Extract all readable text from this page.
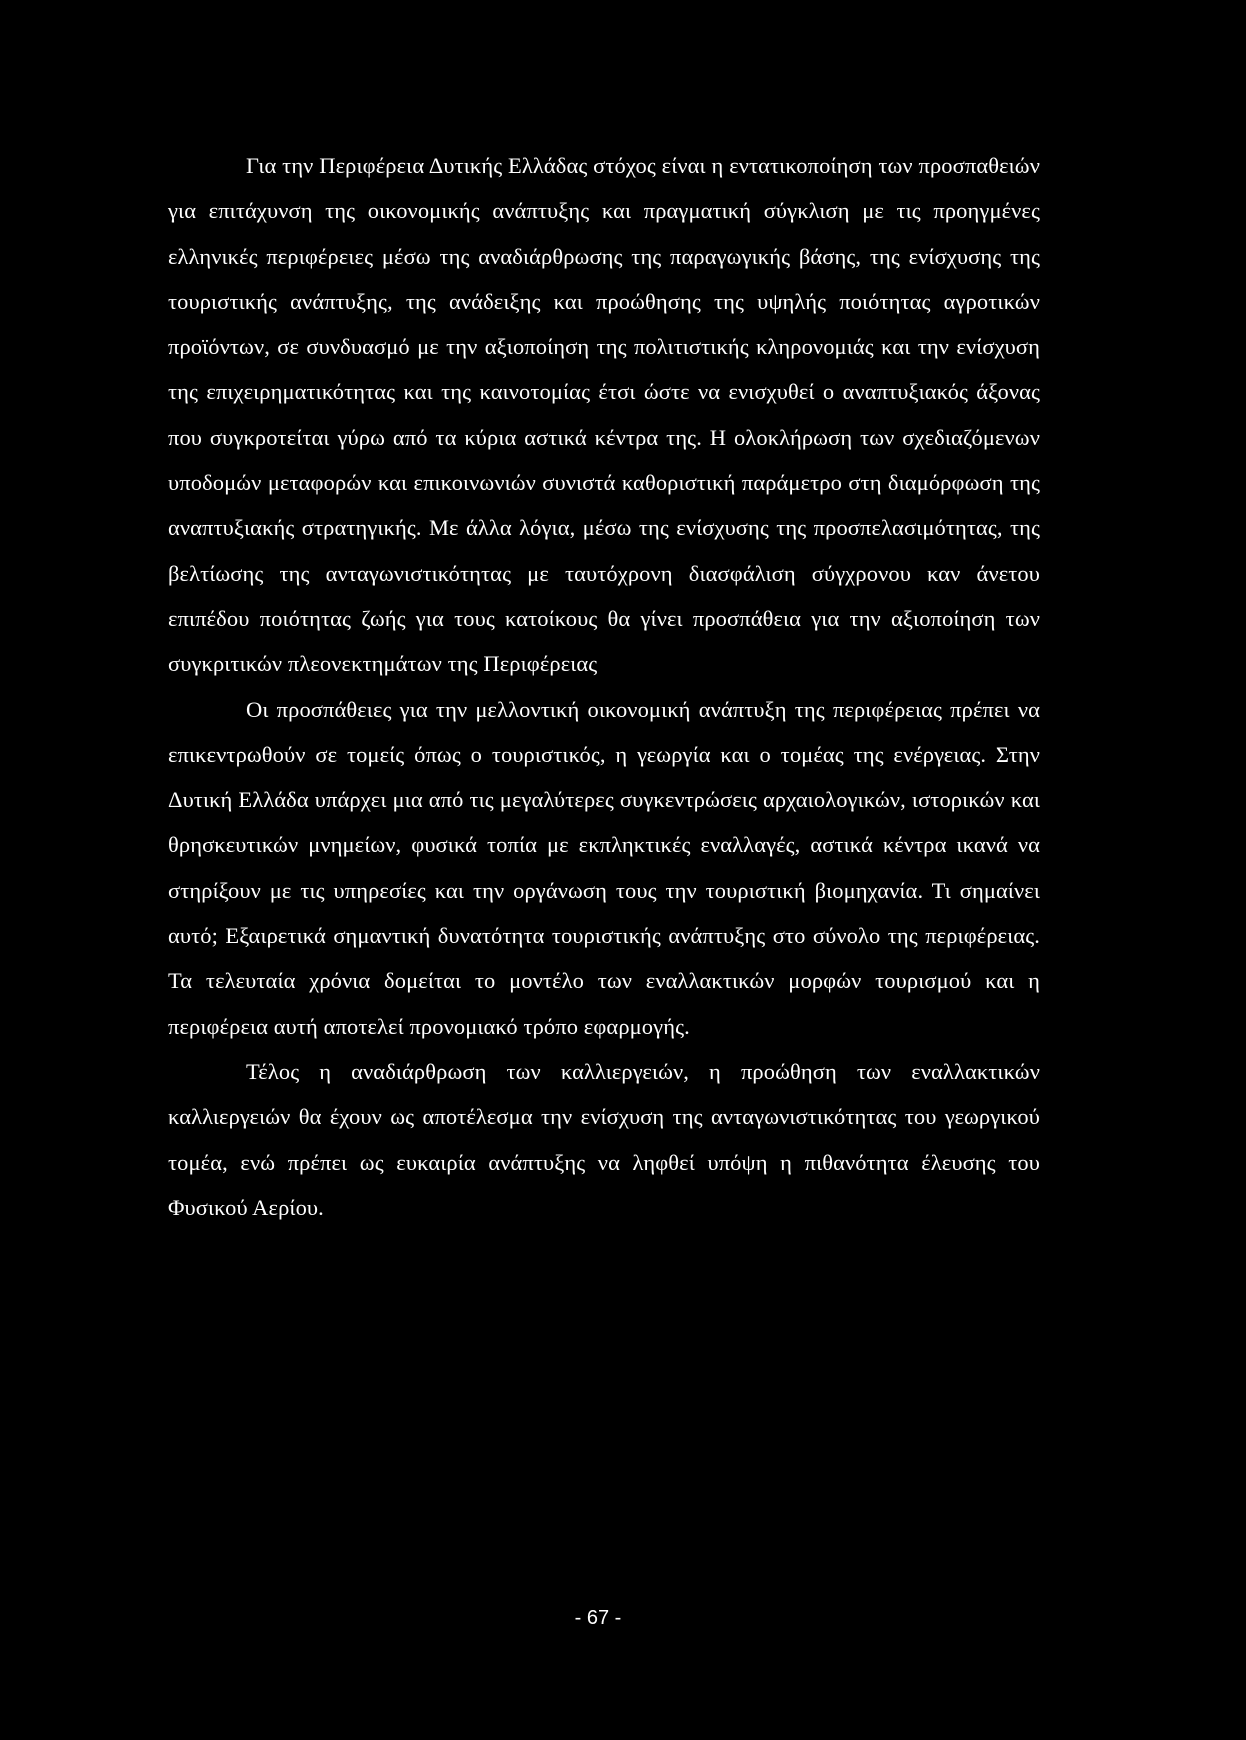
Για την Περιφέρεια Δυτικής Ελλάδας στόχος είναι η εντατικοποίηση των προσπαθειών για επιτάχυνση της οικονομικής ανάπτυξης και πραγματική σύγκλιση με τις προηγμένες ελληνικές περιφέρειες μέσω της αναδιάρθρωσης της παραγωγικής βάσης, της ενίσχυσης της τουριστικής ανάπτυξης, της ανάδειξης και προώθησης της υψηλής ποιότητας αγροτικών προϊόντων, σε συνδυασμό με την αξιοποίηση της πολιτιστικής κληρονομιάς και την ενίσχυση της επιχειρηματικότητας και της καινοτομίας έτσι ώστε να ενισχυθεί ο αναπτυξιακός άξονας που συγκροτείται γύρω από τα κύρια αστικά κέντρα της. Η ολοκλήρωση των σχεδιαζόμενων υποδομών μεταφορών και επικοινωνιών συνιστά καθοριστική παράμετρο στη διαμόρφωση της αναπτυξιακής στρατηγικής. Με άλλα λόγια, μέσω της ενίσχυσης της προσπελασιμότητας, της βελτίωσης της ανταγωνιστικότητας με ταυτόχρονη διασφάλιση σύγχρονου καν άνετου επιπέδου ποιότητας ζωής για τους κατοίκους θα γίνει προσπάθεια για την αξιοποίηση των συγκριτικών πλεονεκτημάτων της Περιφέρειας

Οι προσπάθειες για την μελλοντική οικονομική ανάπτυξη της περιφέρειας πρέπει να επικεντρωθούν σε τομείς όπως ο τουριστικός, η γεωργία και ο τομέας της ενέργειας. Στην Δυτική Ελλάδα υπάρχει μια από τις μεγαλύτερες συγκεντρώσεις αρχαιολογικών, ιστορικών και θρησκευτικών μνημείων, φυσικά τοπία με εκπληκτικές εναλλαγές, αστικά κέντρα ικανά να στηρίξουν με τις υπηρεσίες και την οργάνωση τους την τουριστική βιομηχανία. Τι σημαίνει αυτό; Εξαιρετικά σημαντική δυνατότητα τουριστικής ανάπτυξης στο σύνολο της περιφέρειας. Τα τελευταία χρόνια δομείται το μοντέλο των εναλλακτικών μορφών τουρισμού και η περιφέρεια αυτή αποτελεί προνομιακό τρόπο εφαρμογής.

Τέλος η αναδιάρθρωση των καλλιεργειών, η προώθηση των εναλλακτικών καλλιεργειών θα έχουν ως αποτέλεσμα την ενίσχυση της ανταγωνιστικότητας του γεωργικού τομέα, ενώ πρέπει ως ευκαιρία ανάπτυξης να ληφθεί υπόψη η πιθανότητα έλευσης του Φυσικού Αερίου.

- 67 -
